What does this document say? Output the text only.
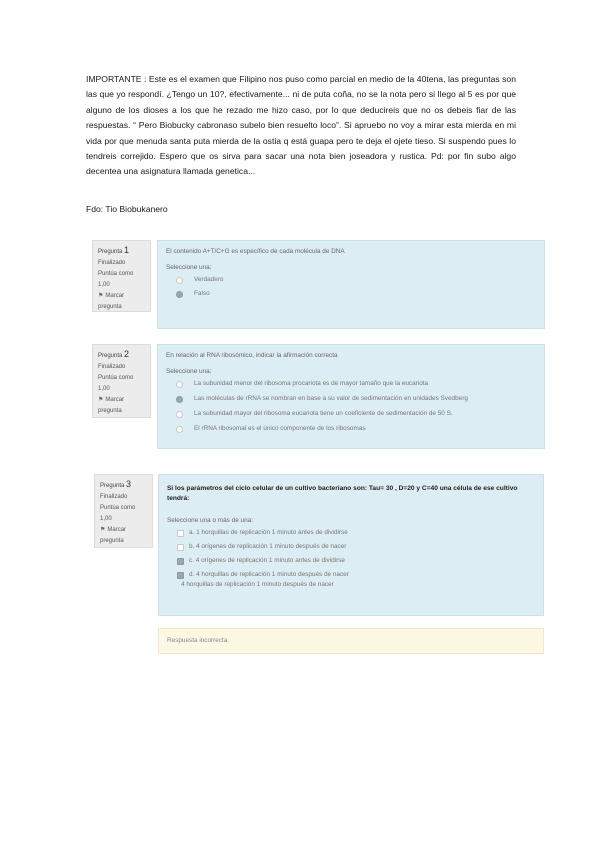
IMPORTANTE : Este es el examen que Filipino nos puso como parcial en medio de la 40tena, las preguntas son las que yo respondí. ¿Tengo un 10?, efectivamente... ni de puta coña, no se la nota pero si llego al 5 es por que alguno de los dioses a los que he rezado me hizo caso, por lo que deducireis que no os debeis fiar de las respuestas. “ Pero Biobucky cabronaso subelo bien resuelto loco”. Si apruebo no voy a mirar esta mierda en mi vida por que menuda santa puta mierda de la ostia q está guapa pero te deja el ojete tieso. Si suspendo pues lo tendreis correjido. Espero que os sirva para sacar una nota bien joseadora y rustica. Pd: por fin subo algo decentea una asignatura llamada genetica...
Fdo: Tio Biobukanero
Pregunta 1
Finalizado
Puntúa como 1,00
⚑ Marcar pregunta
El contenido A+T/C+G es específico de cada molécula de DNA
Seleccione una:
Verdadero
Falso
Pregunta 2
Finalizado
Puntúa como 1,00
⚑ Marcar pregunta
En relación al RNA ribosómico, indicar la afirmación correcta
Seleccione una:
La subunidad menor del ribosoma procariota es de mayor tamaño que la eucariota
Las moléculas de rRNA se nombran en base a su valor de sedimentación en unidades Svedberg
La subunidad mayor del ribosoma eucariota tiene un coeficiente de sedimentación de 50 S.
El rRNA ribosomal es el único componente de los ribosomas
Pregunta 3
Finalizado
Puntúa como 1,00
⚑ Marcar pregunta
Si los parámetros del ciclo celular de un cultivo bacteriano son: Tau= 30 , D=20 y C=40 una célula de ese cultivo tendrá:
Seleccione una o más de una:
a. 1 horquillas de replicación 1 minuto antes de dividirse
b. 4 orígenes de replicación 1 minuto después de nacer
c. 4 orígenes de replicación 1 minuto antes de dividirse
d. 4 horquillas de replicación 1 minuto después de nacer
4 horquillas de replicación 1 minuto después de nacer
Respuesta incorrecta.
